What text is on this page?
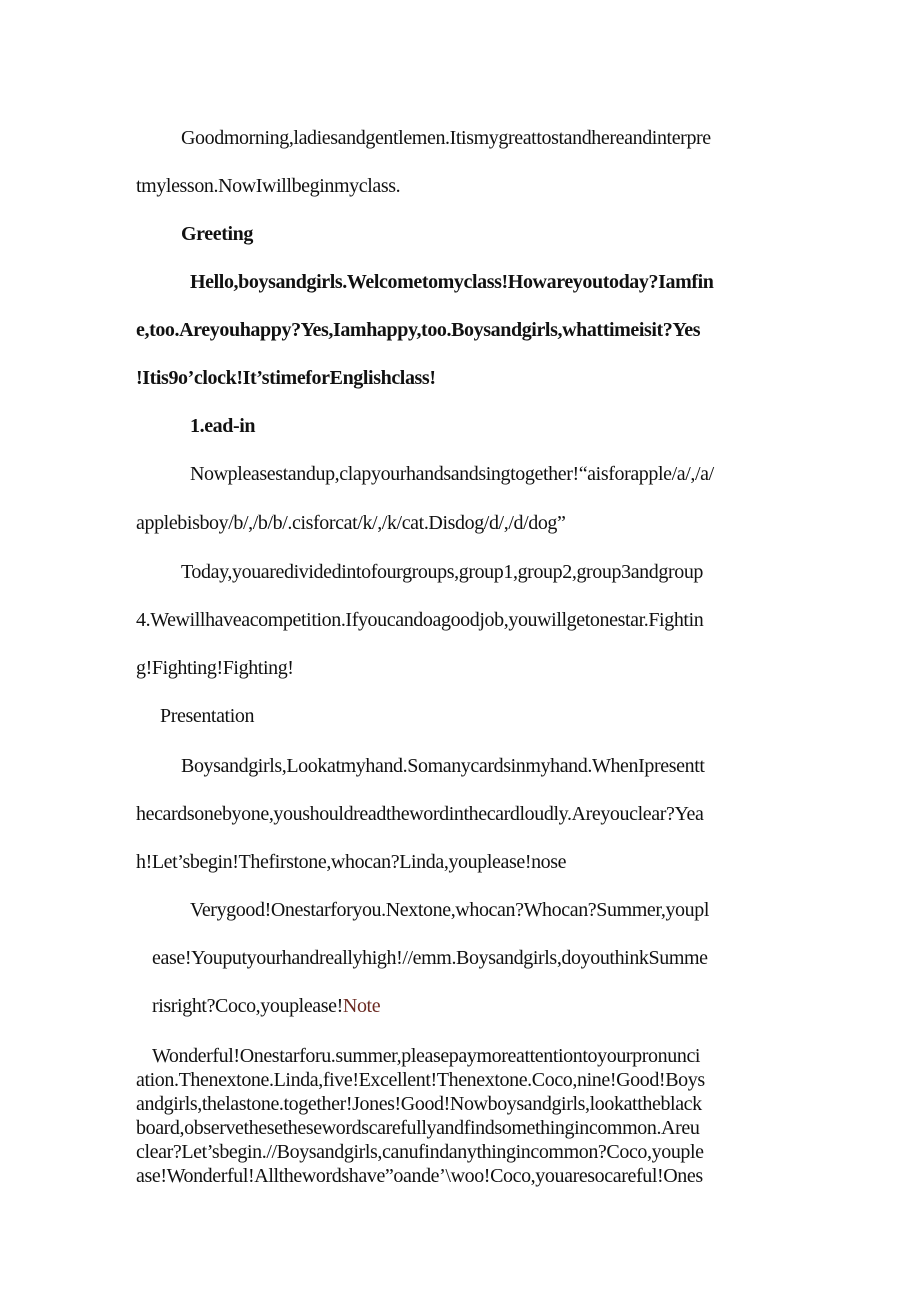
Goodmorning,ladiesandgentlemen.Itismygreattostandhereandinterpre
tmylesson.NowIwillbeginmyclass.
Greeting
Hello,boysandgirls.Welcometomyclass!Howareyoutoday?Iamfin
e,too.Areyouhappy?Yes,Iamhappy,too.Boysandgirls,whattimeisit?Yes
!Itis9o’clock!It’stimeforEnglishclass!
1.ead-in
Nowpleasestandup,clapyourhandsandsingtogether!“aisforapple/a/,/a/
applebisboy/b/,/b/b/.cisforcat/k/,/k/cat.Disdog/d/,/d/dog”
Today,youaredividedintofourgroups,group1,group2,group3andgroup
4.Wewillhaveacompetition.Ifyoucandoagoodjob,youwillgetonestar.Fightin
g!Fighting!Fighting!
Presentation
Boysandgirls,Lookatmyhand.Somanycardsinmyhand.WhenIpresentt
hecardsonebyone,youshouldreadthewordinthecardloudly.Areyouclear?Yea
h!Let’sbegin!Thefirstone,whocan?Linda,youplease!nose
Verygood!Onestarforyou.Nextone,whocan?Whocan?Summer,youpl
ease!Youputyourhandreallyhigh!//emm.Boysandgirls,doyouthinkSumme
risright?Coco,youplease!Note
Wonderful!Onestarforu.summer,pleasepaymoreattentiontoyourpronunci
ation.Thenextone.Linda,five!Excellent!Thenextone.Coco,nine!Good!Boys
andgirls,thelastone.together!Jones!Good!Nowboysandgirls,lookattheblack
board,observethesethesewordscarefullyandfindsomethingincommon.Areu
clear?Let’sbegin.//Boysandgirls,canufindanythingincommon?Coco,youple
ase!Wonderful!Allthewordshave”oande’\woo!Coco,youaresocareful!Ones
